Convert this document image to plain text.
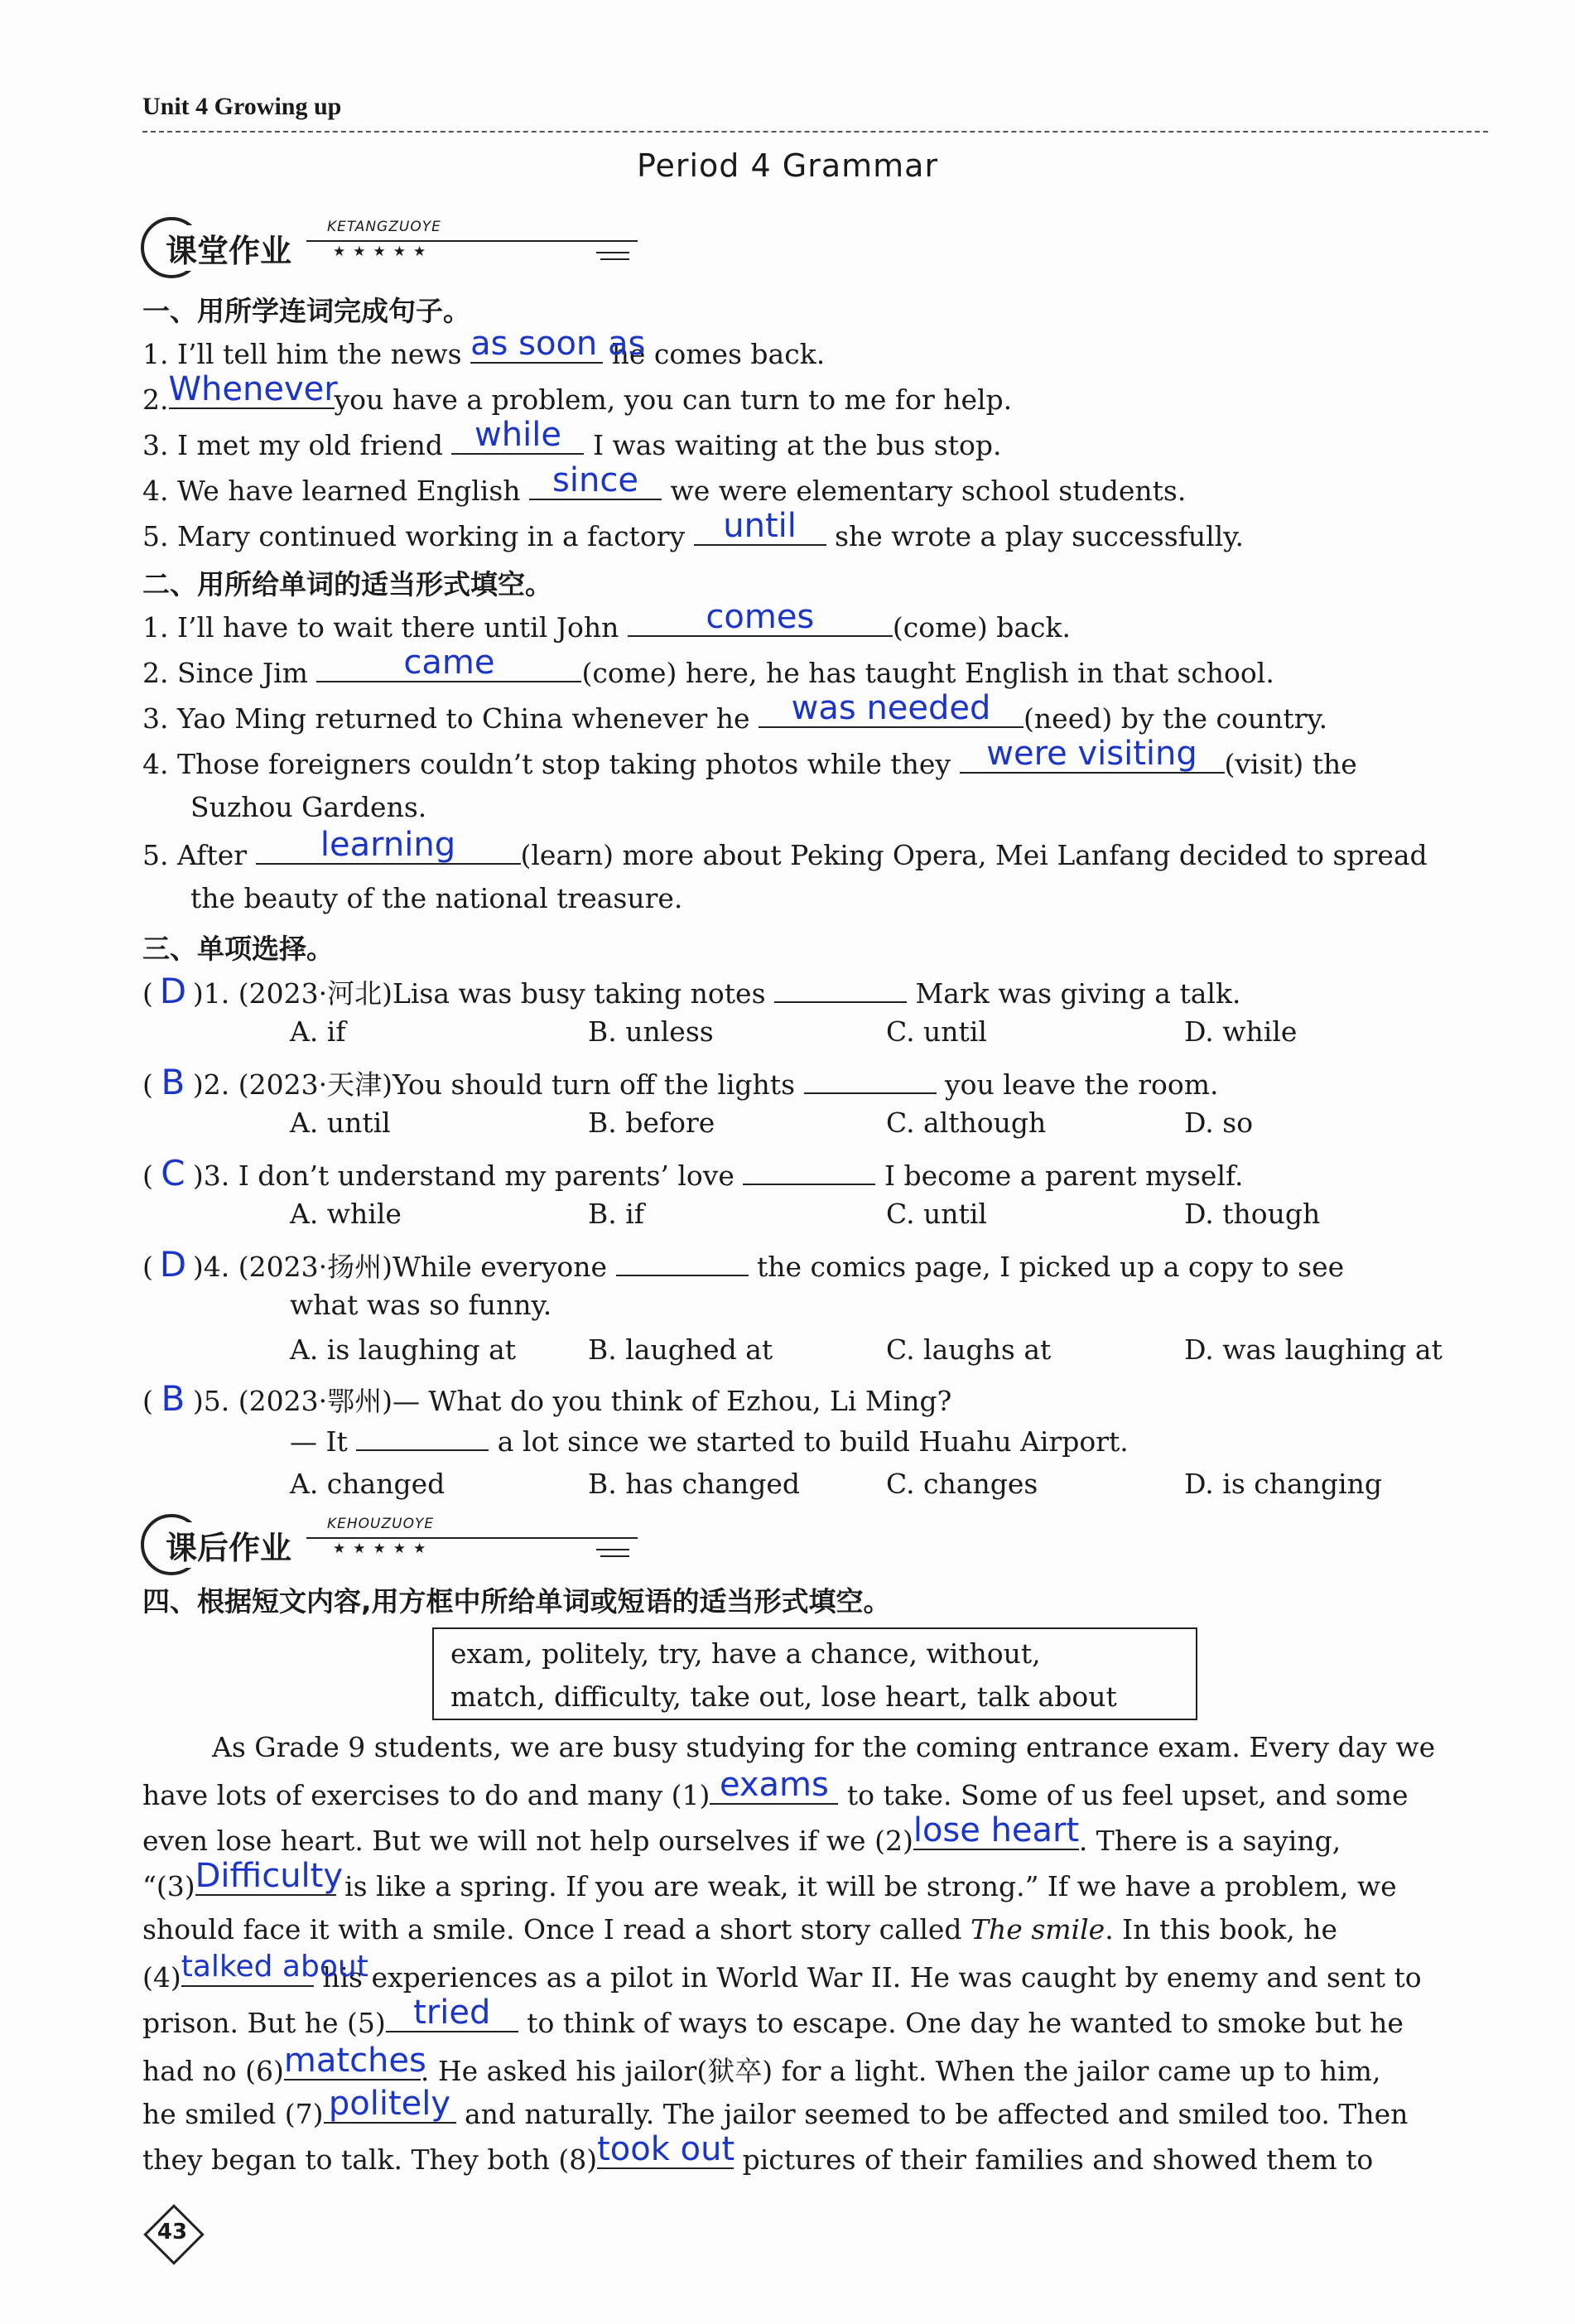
Unit 4 Growing up
Period 4 Grammar
课堂作业
KETANGZUOYE
★★★★★
一、用所学连词完成句子。
1. I’ll tell him the news as soon as
he comes back.
2. Whenever
you have a problem, you can turn to me for help.
3. I met my old friend while I was waiting at the bus stop.
4. We have learned English since we were elementary school students.
5. Mary continued working in a factory until	she wrote a play successfully.
二、用所给单词的适当形式填空。
1. I’ll have to wait there until John	comes	(come) back.
2. Since Jim	came	(come) here, he has taught English in that school.
3. Yao Ming returned to China whenever he was needed	(need) by the country.
4. Those foreigners couldn’t stop taking photos while they were visiting (visit) the
Suzhou Gardens.
5. After	learning	(learn) more about Peking Opera, Mei Lanfang decided to spread
the beauty of the national treasure.
三、单项选择。
( D )1. (2023·河北)Lisa was busy taking notes	Mark was giving a talk.
A. if	B. unless	C. until	D. while
( B )2. (2023·天津)You should turn off the lights	you leave the room.
A. until	B. before	C. although	D. so
( C )3. I don’t understand my parents’ love	I become a parent myself.
A. while	B. if	C. until	D. though
( D )4. (2023·扬州)While everyone	the comics page, I picked up a copy to see
what was so funny.
A. is laughing at	B. laughed at	C. laughs at	D. was laughing at
( B )5. (2023·鄂州)— What do you think of Ezhou, Li Ming?
— It	a lot since we started to build Huahu Airport.
A. changed	B. has changed	C. changes	D. is changing
课后作业
KEHOUZUOYE
★★★★★
四、根据短文内容,用方框中所给单词或短语的适当形式填空。
exam, politely, try, have a chance, without,
match, difficulty, take out, lose heart, talk about
As Grade 9 students, we are busy studying for the coming entrance exam. Every day we
have lots of exercises to do and many (1) exams to take. Some of us feel upset, and some
even lose heart. But we will not help ourselves if we (2) lose heart . There is a saying,
“(3) Difficulty
is like a spring. If you are weak, it will be strong.” If we have a problem, we
should face it with a smile. Once I read a short story called The smile. In this book, he
(4) talked about
his experiences as a pilot in World War II. He was caught by enemy and sent to
prison. But he (5) tried	to think of ways to escape. One day he wanted to smoke but he
had no (6) matches
. He asked his jailor(狱卒) for a light. When the jailor came up to him,
he smiled (7) politely and naturally. The jailor seemed to be affected and smiled too. Then
they began to talk. They both (8) took out
pictures of their families and showed them to
43
